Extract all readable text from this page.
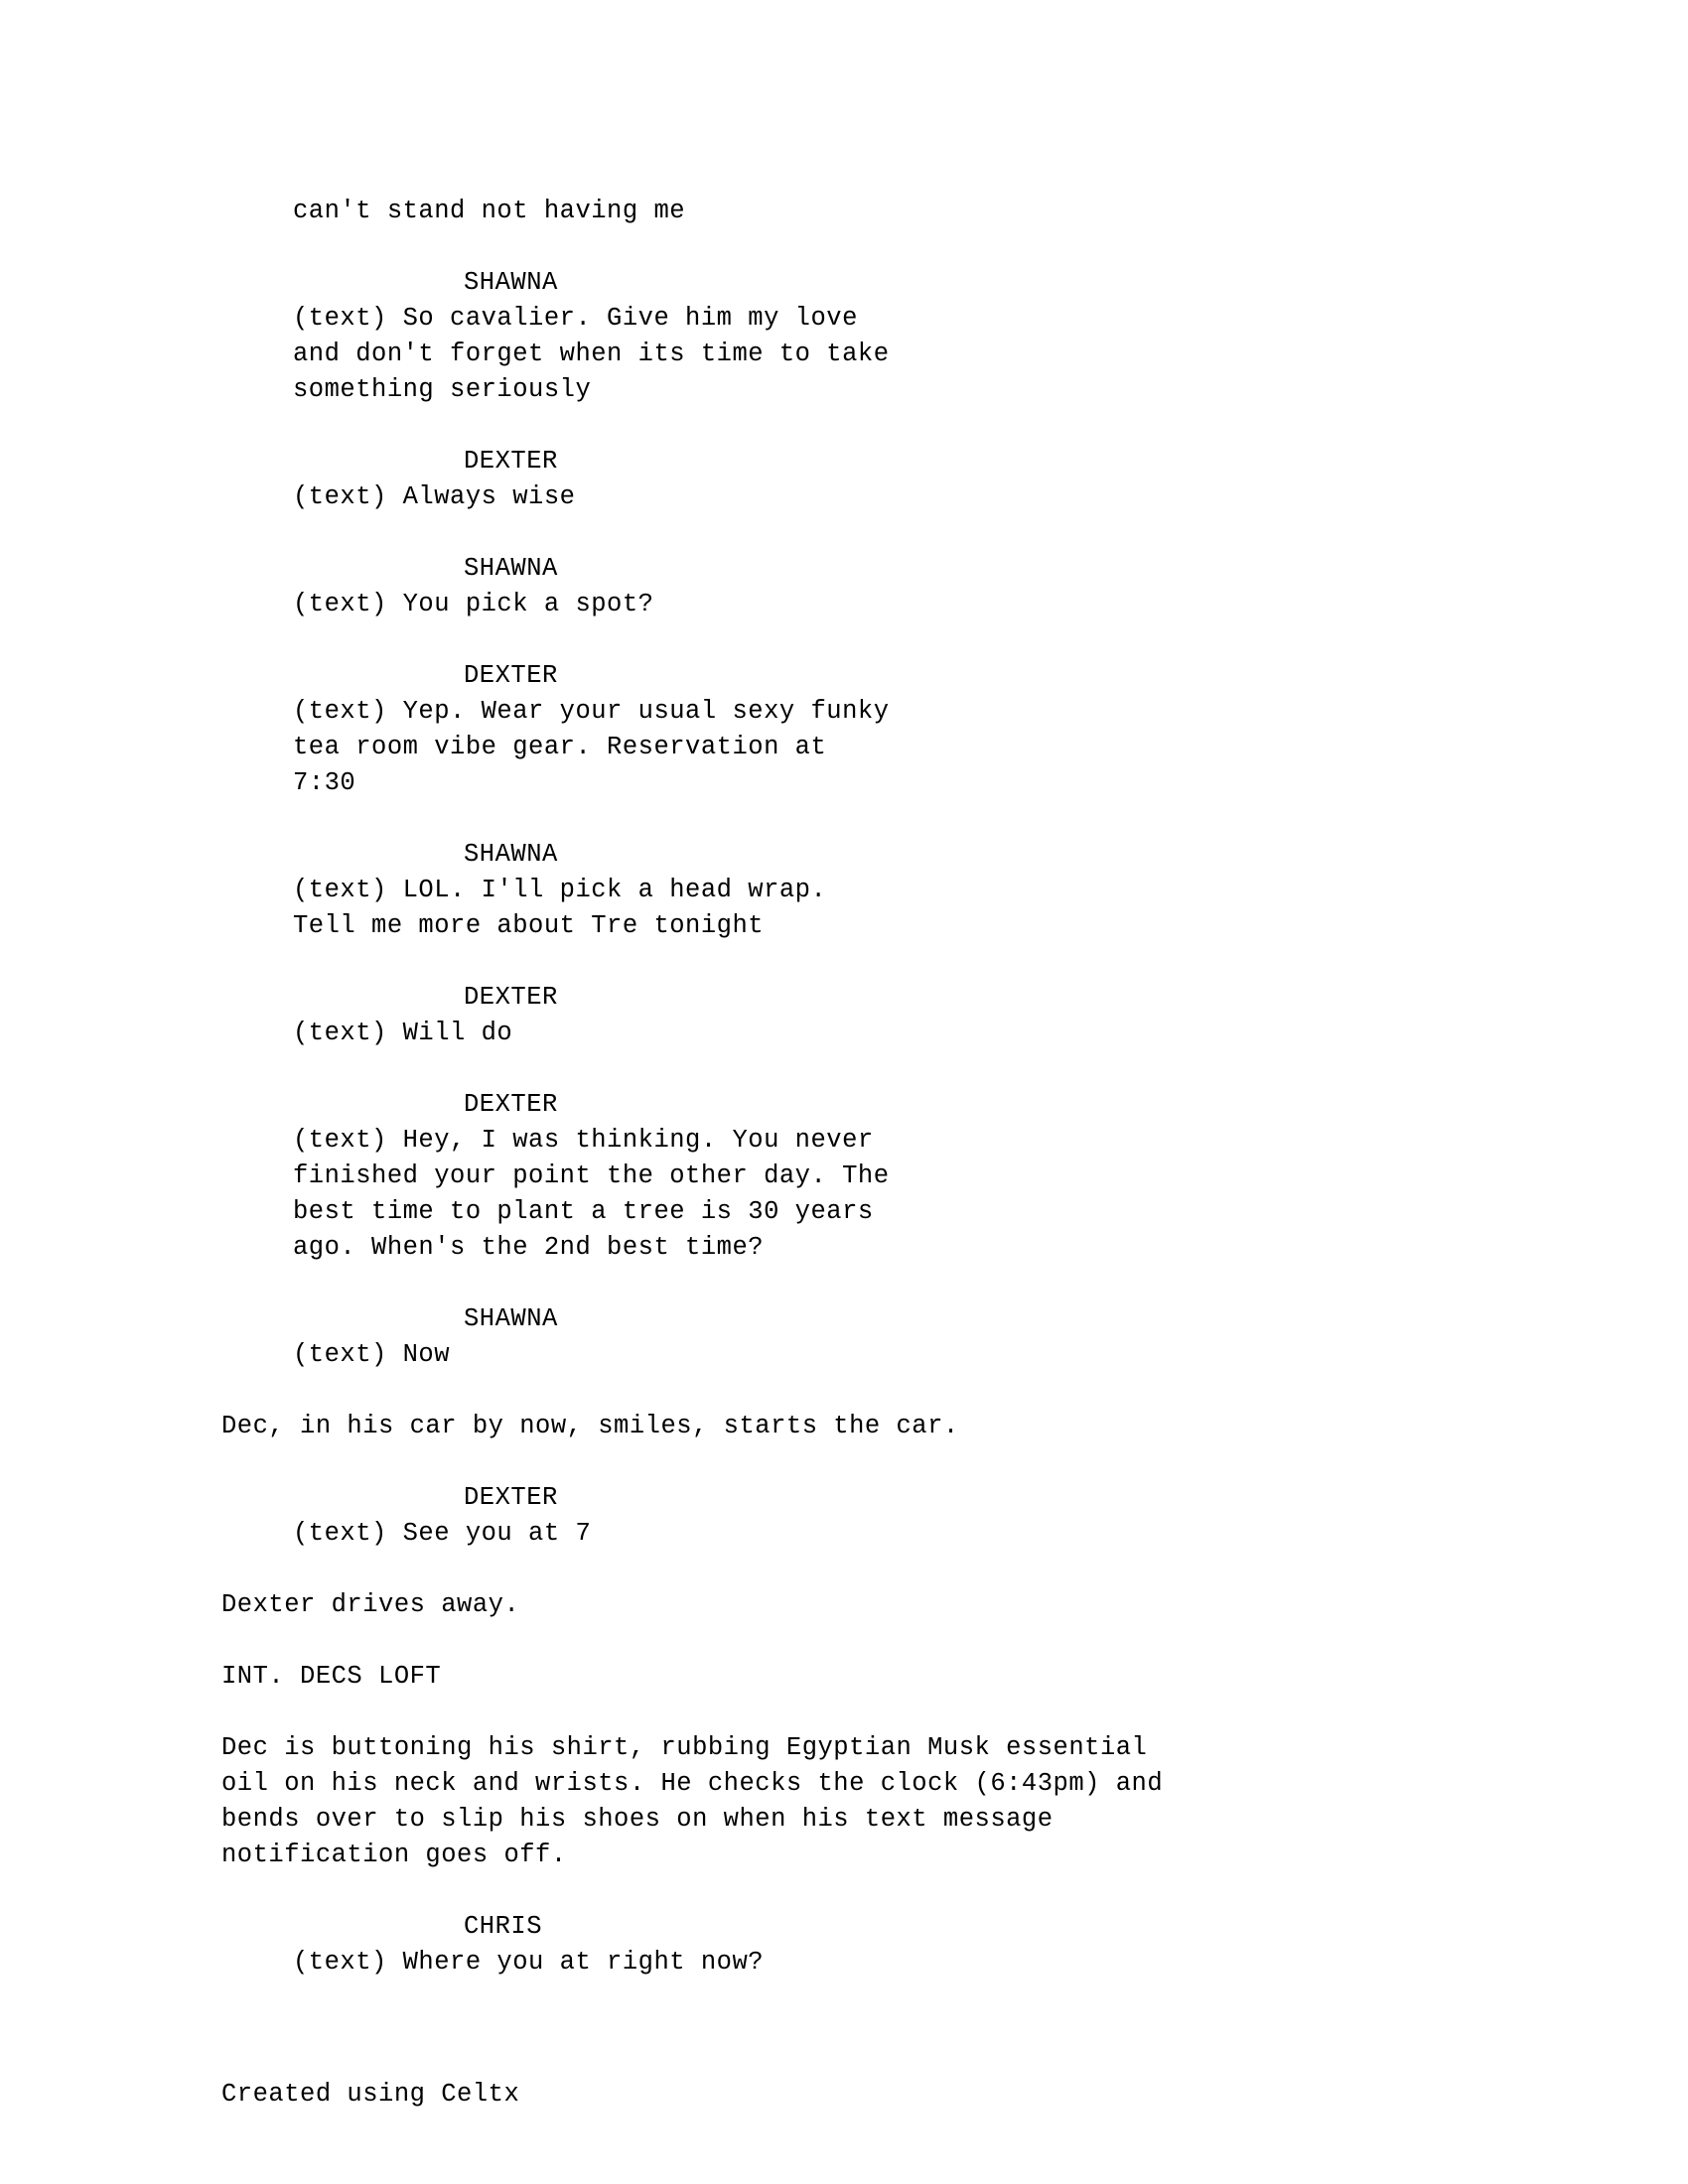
can't stand not having me
SHAWNA
(text) So cavalier. Give him my love
and don't forget when its time to take
something seriously
DEXTER
(text) Always wise
SHAWNA
(text) You pick a spot?
DEXTER
(text) Yep. Wear your usual sexy funky
tea room vibe gear. Reservation at
7:30
SHAWNA
(text) LOL. I'll pick a head wrap.
Tell me more about Tre tonight
DEXTER
(text) Will do
DEXTER
(text) Hey, I was thinking. You never
finished your point the other day. The
best time to plant a tree is 30 years
ago. When's the 2nd best time?
SHAWNA
(text) Now
Dec, in his car by now, smiles, starts the car.
DEXTER
(text) See you at 7
Dexter drives away.
INT. DECS LOFT
Dec is buttoning his shirt, rubbing Egyptian Musk essential
oil on his neck and wrists. He checks the clock (6:43pm) and
bends over to slip his shoes on when his text message
notification goes off.
CHRIS
(text) Where you at right now?
Created using Celtx
